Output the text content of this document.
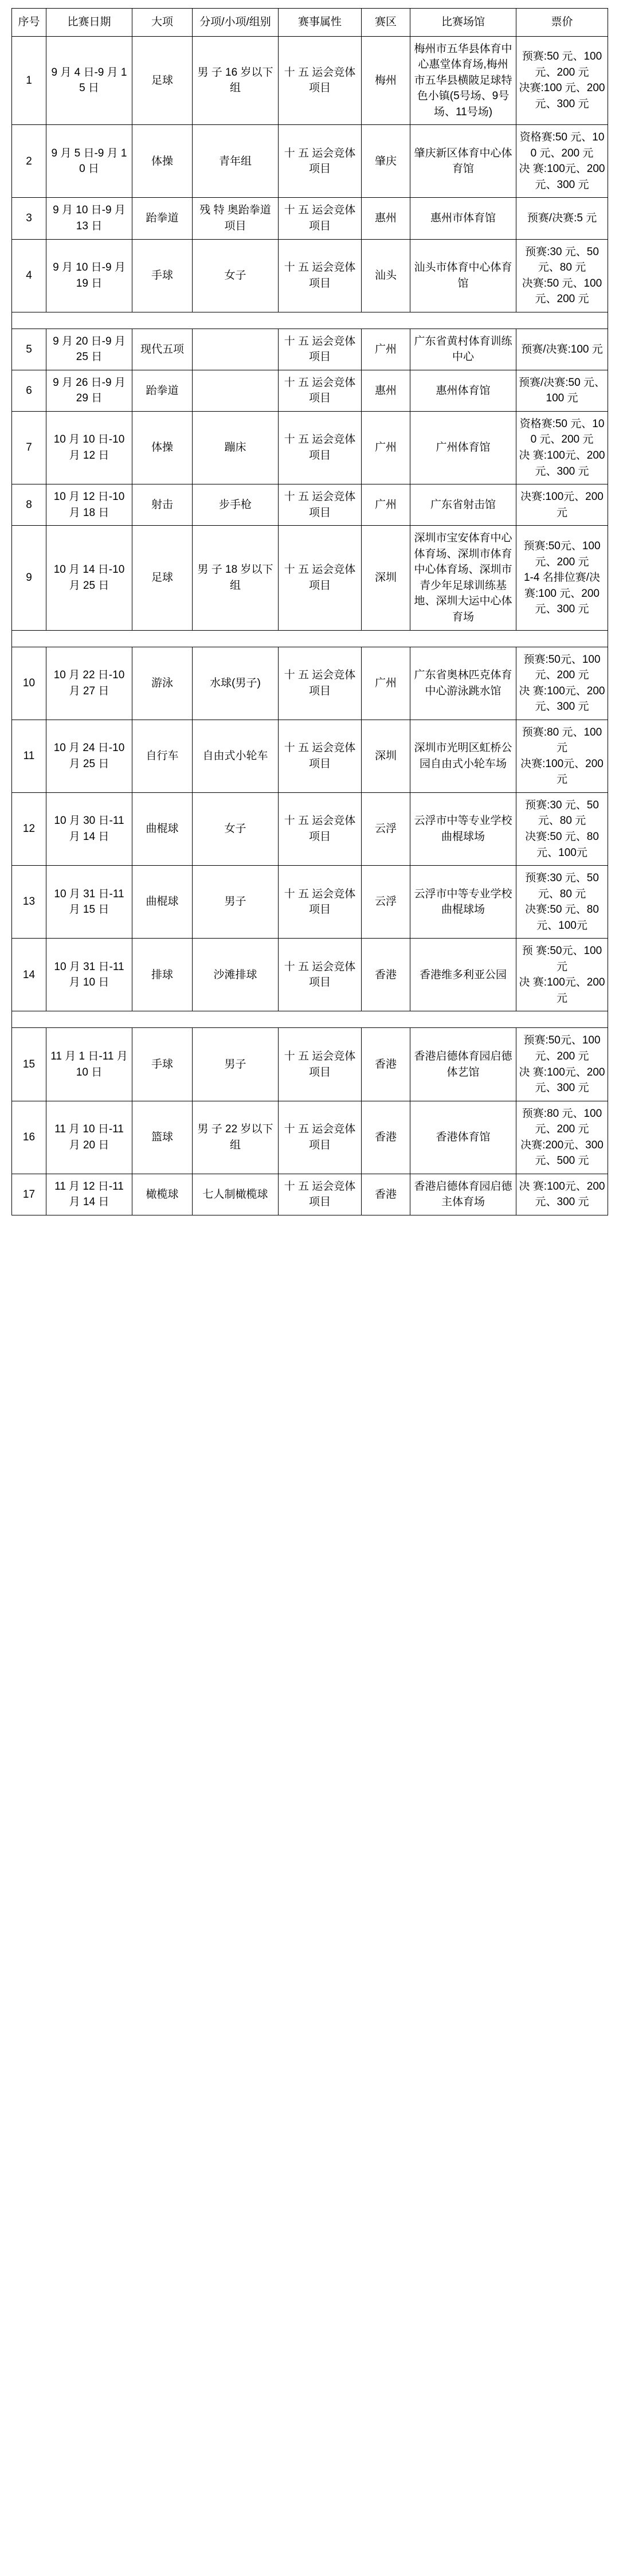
序号	比赛日期	大项	分项/小项/组别	赛事属性	赛区	比赛场馆	票价
1	9 月 4 日-9 月 15 日	足球	男 子 16 岁以下组	十 五 运会竞体项目	梅州	梅州市五华县体育中心惠堂体育场,梅州市五华县横陂足球特色小镇(5号场、9号场、11号场)	预赛:50 元、100 元、200 元
决赛:100 元、200 元、300 元
2	9 月 5 日-9 月 10 日	体操	青年组	十 五 运会竞体项目	肇庆	肇庆新区体育中心体育馆	资格赛:50 元、100 元、200 元
决 赛:100元、200 元、300 元
3	9 月 10 日-9 月 13 日	跆拳道	残 特 奥跆拳道项目	十 五 运会竞体项目	惠州	惠州市体育馆	预赛/决赛:5 元
4	9 月 10 日-9 月 19 日	手球	女子	十 五 运会竞体项目	汕头	汕头市体育中心体育馆	预赛:30 元、50 元、80 元
决赛:50 元、100 元、200 元

5	9 月 20 日-9 月 25 日	现代五项		十 五 运会竞体项目	广州	广东省黄村体育训练中心	预赛/决赛:100 元
6	9 月 26 日-9 月 29 日	跆拳道		十 五 运会竞体项目	惠州	惠州体育馆	预赛/决赛:50 元、100 元
7	10 月 10 日-10 月 12 日	体操	蹦床	十 五 运会竞体项目	广州	广州体育馆	资格赛:50 元、100 元、200 元
决 赛:100元、200 元、300 元
8	10 月 12 日-10 月 18 日	射击	步手枪	十 五 运会竞体项目	广州	广东省射击馆	决赛:100元、200 元
9	10 月 14 日-10 月 25 日	足球	男 子 18 岁以下组	十 五 运会竞体项目	深圳	深圳市宝安体育中心体育场、深圳市体育中心体育场、深圳市青少年足球训练基地、深圳大运中心体育场	预赛:50元、100 元、200 元
1-4 名排位赛/决 赛:100 元、200 元、300 元

10	10 月 22 日-10 月 27 日	游泳	水球(男子)	十 五 运会竞体项目	广州	广东省奥林匹克体育中心游泳跳水馆	预赛:50元、100 元、200 元
决 赛:100元、200 元、300 元
11	10 月 24 日-10 月 25 日	自行车	自由式小轮车	十 五 运会竞体项目	深圳	深圳市光明区虹桥公园自由式小轮车场	预赛:80 元、100 元
决赛:100元、200 元
12	10 月 30 日-11 月 14 日	曲棍球	女子	十 五 运会竞体项目	云浮	云浮市中等专业学校曲棍球场	预赛:30 元、50 元、80 元
决赛:50 元、80 元、100元
13	10 月 31 日-11 月 15 日	曲棍球	男子	十 五 运会竞体项目	云浮	云浮市中等专业学校曲棍球场	预赛:30 元、50 元、80 元
决赛:50 元、80 元、100元
14	10 月 31 日-11 月 10 日	排球	沙滩排球	十 五 运会竞体项目	香港	香港维多利亚公园	预 赛:50元、100 元
决 赛:100元、200 元

15	11 月 1 日-11 月 10 日	手球	男子	十 五 运会竞体项目	香港	香港启德体育园启德体艺馆	预赛:50元、100 元、200 元
决 赛:100元、200 元、300 元
16	11 月 10 日-11 月 20 日	篮球	男 子 22 岁以下组	十 五 运会竞体项目	香港	香港体育馆	预赛:80 元、100 元、200 元
决赛:200元、300 元、500 元
17	11 月 12 日-11 月 14 日	橄榄球	七人制橄榄球	十 五 运会竞体项目	香港	香港启德体育园启德主体育场	决 赛:100元、200 元、300 元
